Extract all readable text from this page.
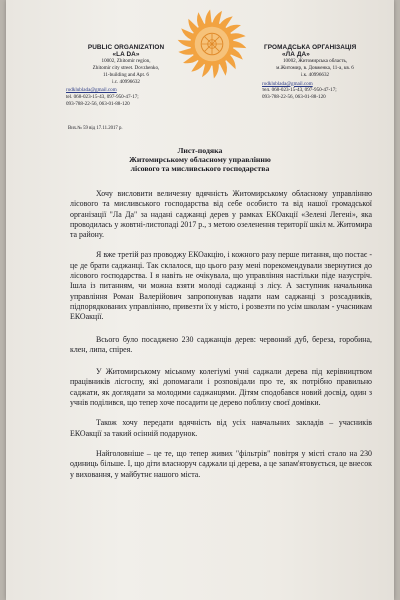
PUBLIC ORGANIZATION
«LA DA»
10002, Zhitomir region,
Zhitomir city street. Dovzhenko,
11-building and Apt. 6
i.c. 40996632
rodklublada@gmail.com
tel. 068-023-15-43, 097-950-47-17;
093-788-22-56, 063-01-88-120
ГРОМАДСЬКА ОРГАНІЗАЦІЯ
«ЛА ДА»
10002, Житомирська область,
м.Житомир, в. Довженка, 11-а, кв. 6
і.к. 40996632
rodklublada@gmail.com
тел. 068-023-15-43, 097-950-47-17;
093-788-22-56, 063-01-88-120
Вих.№ 59 від 17.11.2017 р.
Лист-подяка
Житомирському обласному управлінню
лісового та мисливського господарства

Хочу висловити величезну вдячність Житомирському обласному управлінню лісового та мисливського господарства від себе особисто та від нашої громадської організації "Ла Да" за надані саджанці дерев у рамках ЕКОакції «Зелені Легені», яка проводилась у жовтні-листопаді 2017 р., з метою озеленення території шкіл м. Житомира та району.

Я вже третій раз проводжу ЕКОакцію, і кожного разу перше питання, що постає - це де брати саджанці. Так склалося, що цього разу мені порекомендували звернутися до лісового господарства. І я навіть не очікувала, що управління настільки піде назустріч. Ішла із питанням, чи можна взяти молоді саджанці з лісу. А заступник начальника управління Роман Валерійович запропонував надати нам саджанці з розсадників, підпорядкованих управлінню, привезти їх у місто, і розвезти по усім школам - учасникам ЕКОакції.

Всього було посаджено 230 саджанців дерев: червоний дуб, береза, горобина, клен, липа, спірея.

У Житомирському міському колегіумі учні саджали дерева під керівництвом працівників лісгоспу, які допомагали і розповідали про те, як потрібно правильно саджати, як доглядати за молодими саджанцями. Дітям сподобався новий досвід, один з учнів поділився, що тепер хоче посадити це дерево поблизу своєї домівки.

Також хочу передати вдячність від усіх навчальних закладів – учасників ЕКОакції за такий осінній подарунок.

Найголовніше – це те, що тепер живих "фільтрів" повітря у місті стало на 230 одиниць більше. І, що діти власноруч саджали ці дерева, а це запам'ятовується, це внесок у виховання, у майбутнє нашого міста.
